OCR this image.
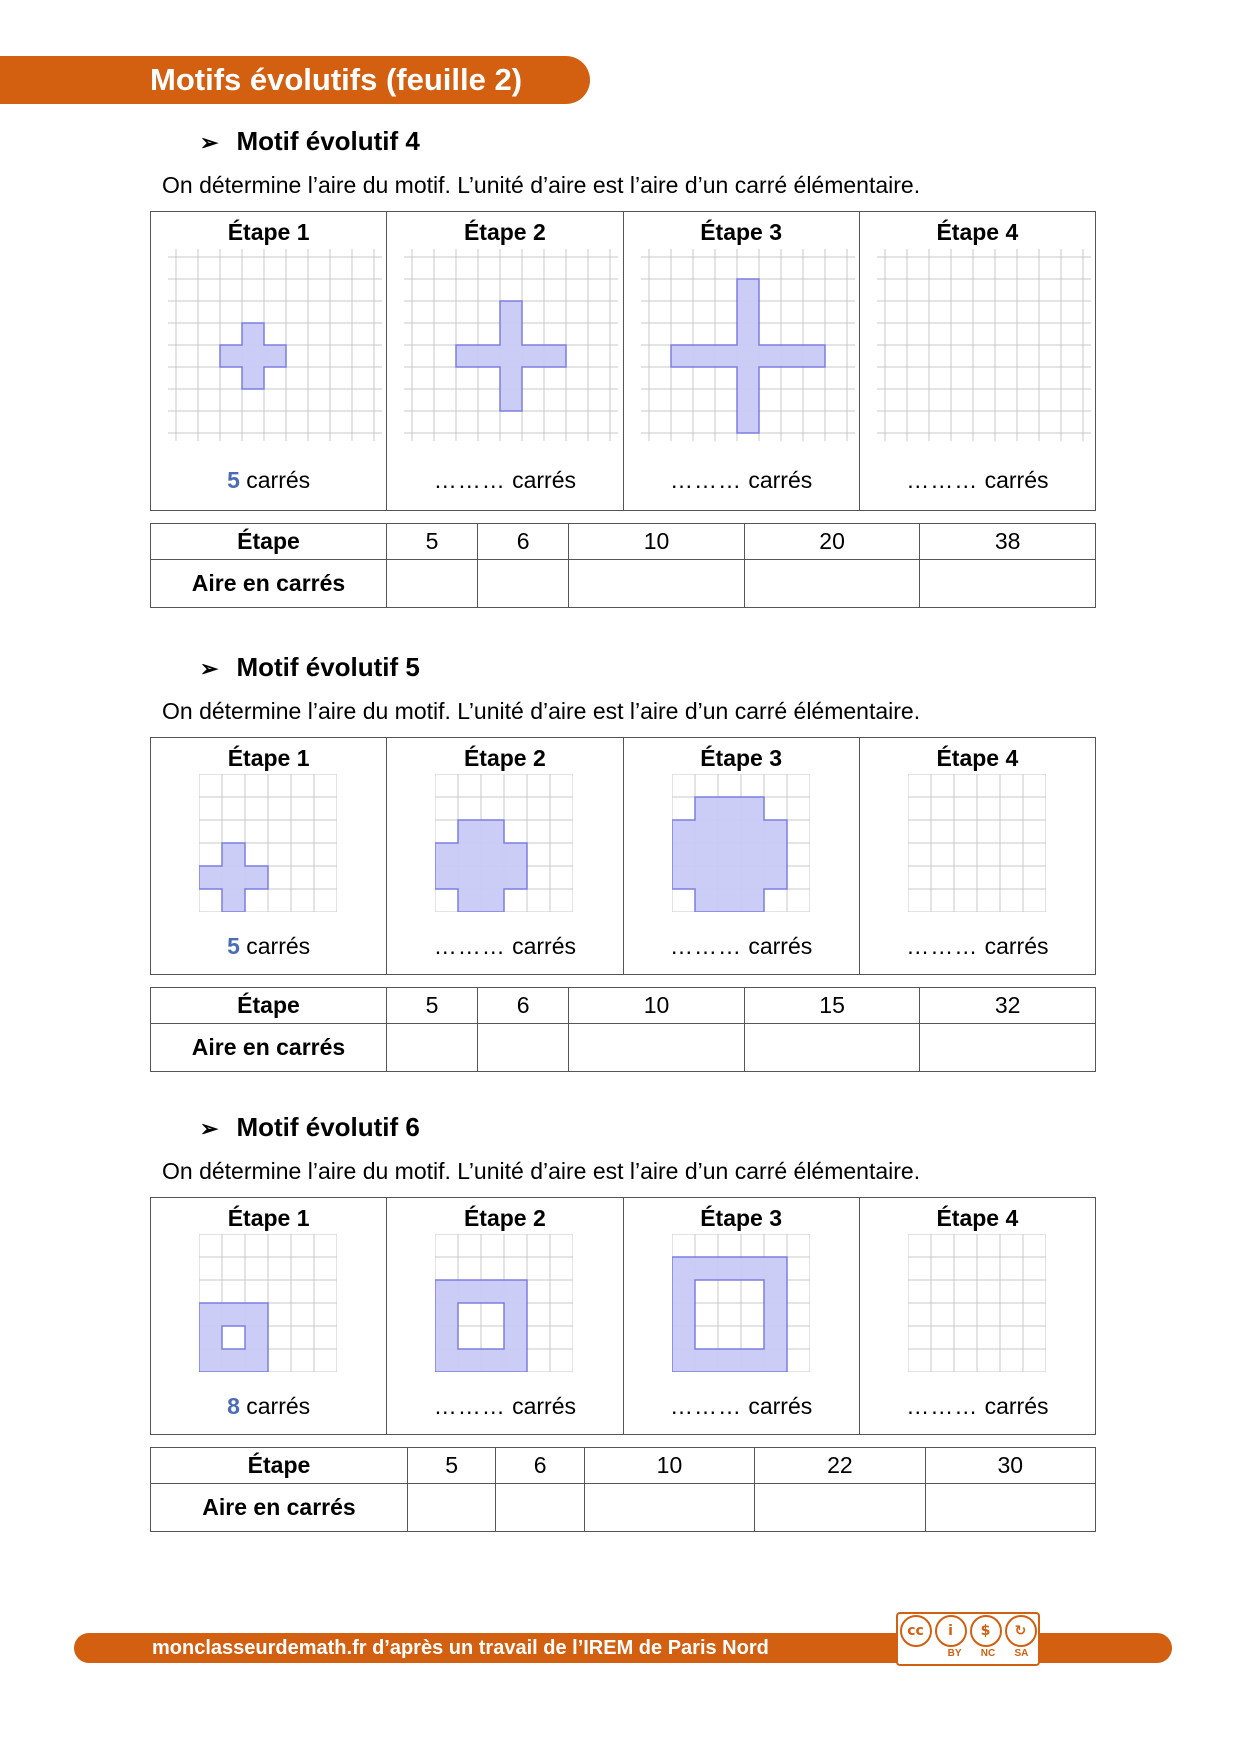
Motifs évolutifs (feuille 2)
➢ Motif évolutif 4
On détermine l’aire du motif. L’unité d’aire est l’aire d’un carré élémentaire.
Étape 1
5 carrés

Étape 2
……… carrés

Étape 3
……… carrés

Étape 4
……… carrés
Étape	5	6	10	20	38
Aire en carrés					
➢ Motif évolutif 5
On détermine l’aire du motif. L’unité d’aire est l’aire d’un carré élémentaire.
Étape 1
5 carrés

Étape 2
……… carrés

Étape 3
……… carrés

Étape 4
……… carrés
Étape	5	6	10	15	32
Aire en carrés					
➢ Motif évolutif 6
On détermine l’aire du motif. L’unité d’aire est l’aire d’un carré élémentaire.
Étape 1
8 carrés

Étape 2
……… carrés

Étape 3
……… carrés

Étape 4
……… carrés
Étape	5	6	10	22	30
Aire en carrés					
monclasseurdemath.fr d’après un travail de l’IREM de Paris Nord
cc	i	$	↻
BY NC SA
